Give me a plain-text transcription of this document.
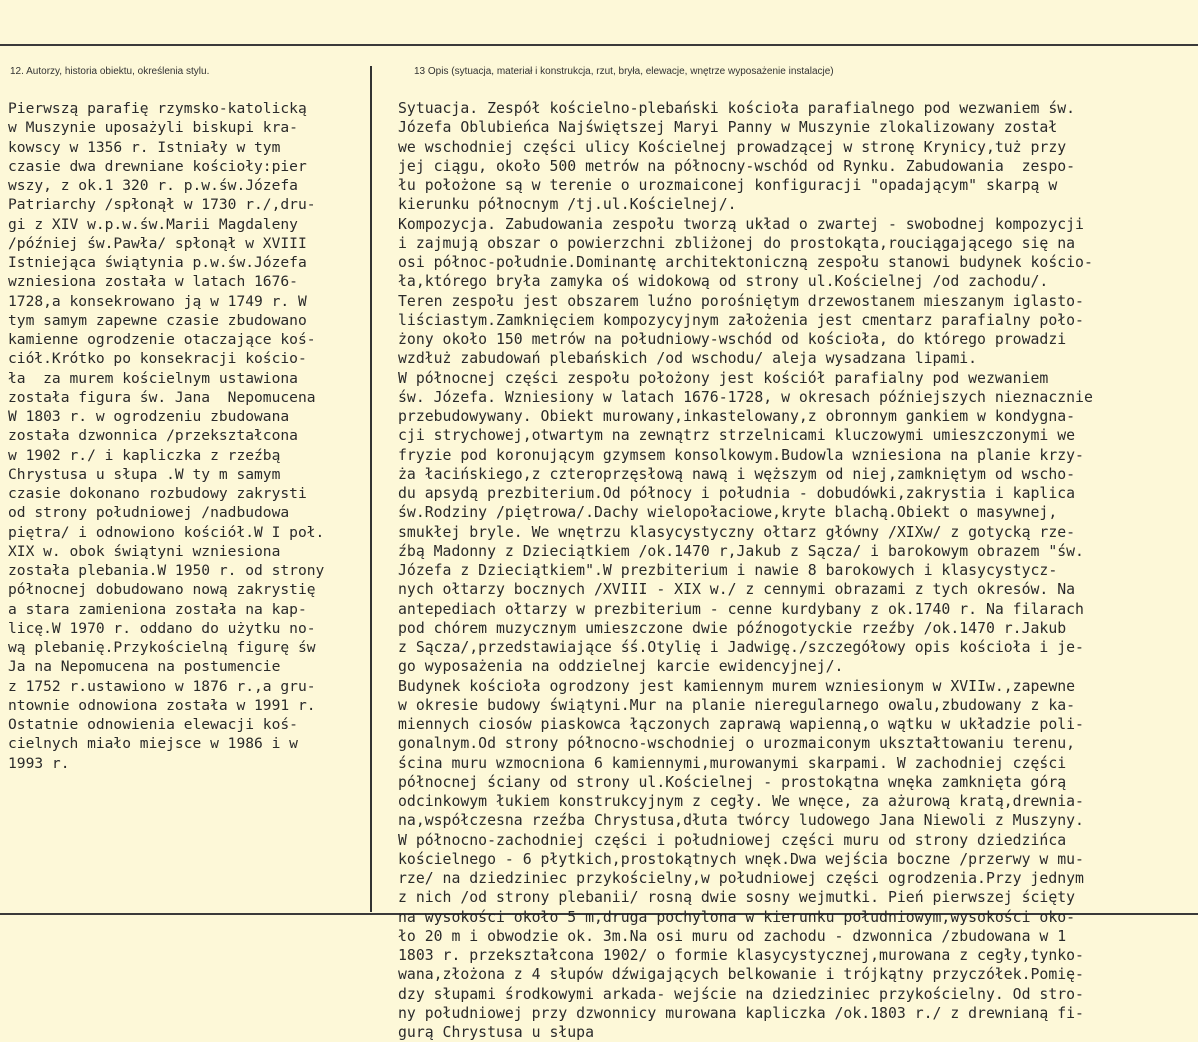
12. Autorzy, historia obiektu, określenia stylu.	13 Opis (sytuacja, materiał i konstrukcja, rzut, bryła, elewacje, wnętrze wyposażenie instalacje)
Pierwszą parafię rzymsko-katolicką
w Muszynie uposażyli biskupi kra-
kowscy w 1356 r. Istniały w tym
czasie dwa drewniane kościoły:pier
wszy, z ok.1 320 r. p.w.św.Józefa
Patriarchy /spłonął w 1730 r./,dru-
gi z XIV w.p.w.św.Marii Magdaleny
/później św.Pawła/ spłonął w XVIII
Istniejąca świątynia p.w.św.Józefa
wzniesiona została w latach 1676-
1728,a konsekrowano ją w 1749 r. W
tym samym zapewne czasie zbudowano
kamienne ogrodzenie otaczające koś-
ciół.Krótko po konsekracji kościo-
ła  za murem kościelnym ustawiona
została figura św. Jana  Nepomucena
W 1803 r. w ogrodzeniu zbudowana
została dzwonnica /przekształcona
w 1902 r./ i kapliczka z rzeźbą
Chrystusa u słupa .W ty m samym
czasie dokonano rozbudowy zakrysti
od strony południowej /nadbudowa
piętra/ i odnowiono kościół.W I poł.
XIX w. obok świątyni wzniesiona
została plebania.W 1950 r. od strony
północnej dobudowano nową zakrystię
a stara zamieniona została na kap-
licę.W 1970 r. oddano do użytku no-
wą plebanię.Przykościelną figurę św
Ja na Nepomucena na postumencie
z 1752 r.ustawiono w 1876 r.,a gru-
ntownie odnowiona została w 1991 r.
Ostatnie odnowienia elewacji koś-
cielnych miało miejsce w 1986 i w
1993 r.
Sytuacja. Zespół kościelno-plebański kościoła parafialnego pod wezwaniem św.
Józefa Oblubieńca Najświętszej Maryi Panny w Muszynie zlokalizowany został
we wschodniej części ulicy Kościelnej prowadzącej w stronę Krynicy,tuż przy
jej ciągu, około 500 metrów na północny-wschód od Rynku. Zabudowania  zespo-
łu położone są w terenie o urozmaiconej konfiguracji "opadającym" skarpą w
kierunku północnym /tj.ul.Kościelnej/.
Kompozycja. Zabudowania zespołu tworzą układ o zwartej - swobodnej kompozycji
i zajmują obszar o powierzchni zbliżonej do prostokąta,rouciągającego się na
osi północ-południe.Dominantę architektoniczną zespołu stanowi budynek kościo-
ła,którego bryła zamyka oś widokową od strony ul.Kościelnej /od zachodu/.
Teren zespołu jest obszarem luźno porośniętym drzewostanem mieszanym iglasto-
liściastym.Zamknięciem kompozycyjnym założenia jest cmentarz parafialny poło-
żony około 150 metrów na południowy-wschód od kościoła, do którego prowadzi
wzdłuż zabudowań plebańskich /od wschodu/ aleja wysadzana lipami.
W północnej części zespołu położony jest kościół parafialny pod wezwaniem
św. Józefa. Wzniesiony w latach 1676-1728, w okresach późniejszych nieznacznie
przebudowywany. Obiekt murowany,inkastelowany,z obronnym gankiem w kondygna-
cji strychowej,otwartym na zewnątrz strzelnicami kluczowymi umieszczonymi we
fryzie pod koronującym gzymsem konsolkowym.Budowla wzniesiona na planie krzy-
ża łacińskiego,z czteroprzęsłową nawą i węższym od niej,zamkniętym od wscho-
du apsydą prezbiterium.Od północy i południa - dobudówki,zakrystia i kaplica
św.Rodziny /piętrowa/.Dachy wielopołaciowe,kryte blachą.Obiekt o masywnej,
smukłej bryle. We wnętrzu klasycystyczny ołtarz główny /XIXw/ z gotycką rze-
źbą Madonny z Dzieciątkiem /ok.1470 r,Jakub z Sącza/ i barokowym obrazem "św.
Józefa z Dzieciątkiem".W prezbiterium i nawie 8 barokowych i klasycystycz-
nych ołtarzy bocznych /XVIII - XIX w./ z cennymi obrazami z tych okresów. Na
antepediach ołtarzy w prezbiterium - cenne kurdybany z ok.1740 r. Na filarach
pod chórem muzycznym umieszczone dwie późnogotyckie rzeźby /ok.1470 r.Jakub
z Sącza/,przedstawiające śś.Otylię i Jadwigę./szczegółowy opis kościoła i je-
go wyposażenia na oddzielnej karcie ewidencyjnej/.
Budynek kościoła ogrodzony jest kamiennym murem wzniesionym w XVIIw.,zapewne
w okresie budowy świątyni.Mur na planie nieregularnego owalu,zbudowany z ka-
miennych ciosów piaskowca łączonych zaprawą wapienną,o wątku w układzie poli-
gonalnym.Od strony północno-wschodniej o urozmaiconym ukształtowaniu terenu,
ścina muru wzmocniona 6 kamiennymi,murowanymi skarpami. W zachodniej części
północnej ściany od strony ul.Kościelnej - prostokątna wnęka zamknięta górą
odcinkowym łukiem konstrukcyjnym z cegły. We wnęce, za ażurową kratą,drewnia-
na,współczesna rzeźba Chrystusa,dłuta twórcy ludowego Jana Niewoli z Muszyny.
W północno-zachodniej części i południowej części muru od strony dziedzińca
kościelnego - 6 płytkich,prostokątnych wnęk.Dwa wejścia boczne /przerwy w mu-
rze/ na dziedziniec przykościelny,w południowej części ogrodzenia.Przy jednym
z nich /od strony plebanii/ rosną dwie sosny wejmutki. Pień pierwszej ścięty
na wysokości około 5 m,druga pochylona w kierunku południowym,wysokości oko-
ło 20 m i obwodzie ok. 3m.Na osi muru od zachodu - dzwonnica /zbudowana w 1
1803 r. przekształcona 1902/ o formie klasycystycznej,murowana z cegły,tynko-
wana,złożona z 4 słupów dźwigających belkowanie i trójkątny przyczółek.Pomię-
dzy słupami środkowymi arkada- wejście na dziedziniec przykościelny. Od stro-
ny południowej przy dzwonnicy murowana kapliczka /ok.1803 r./ z drewnianą fi-
gurą Chrystusa u słupa
